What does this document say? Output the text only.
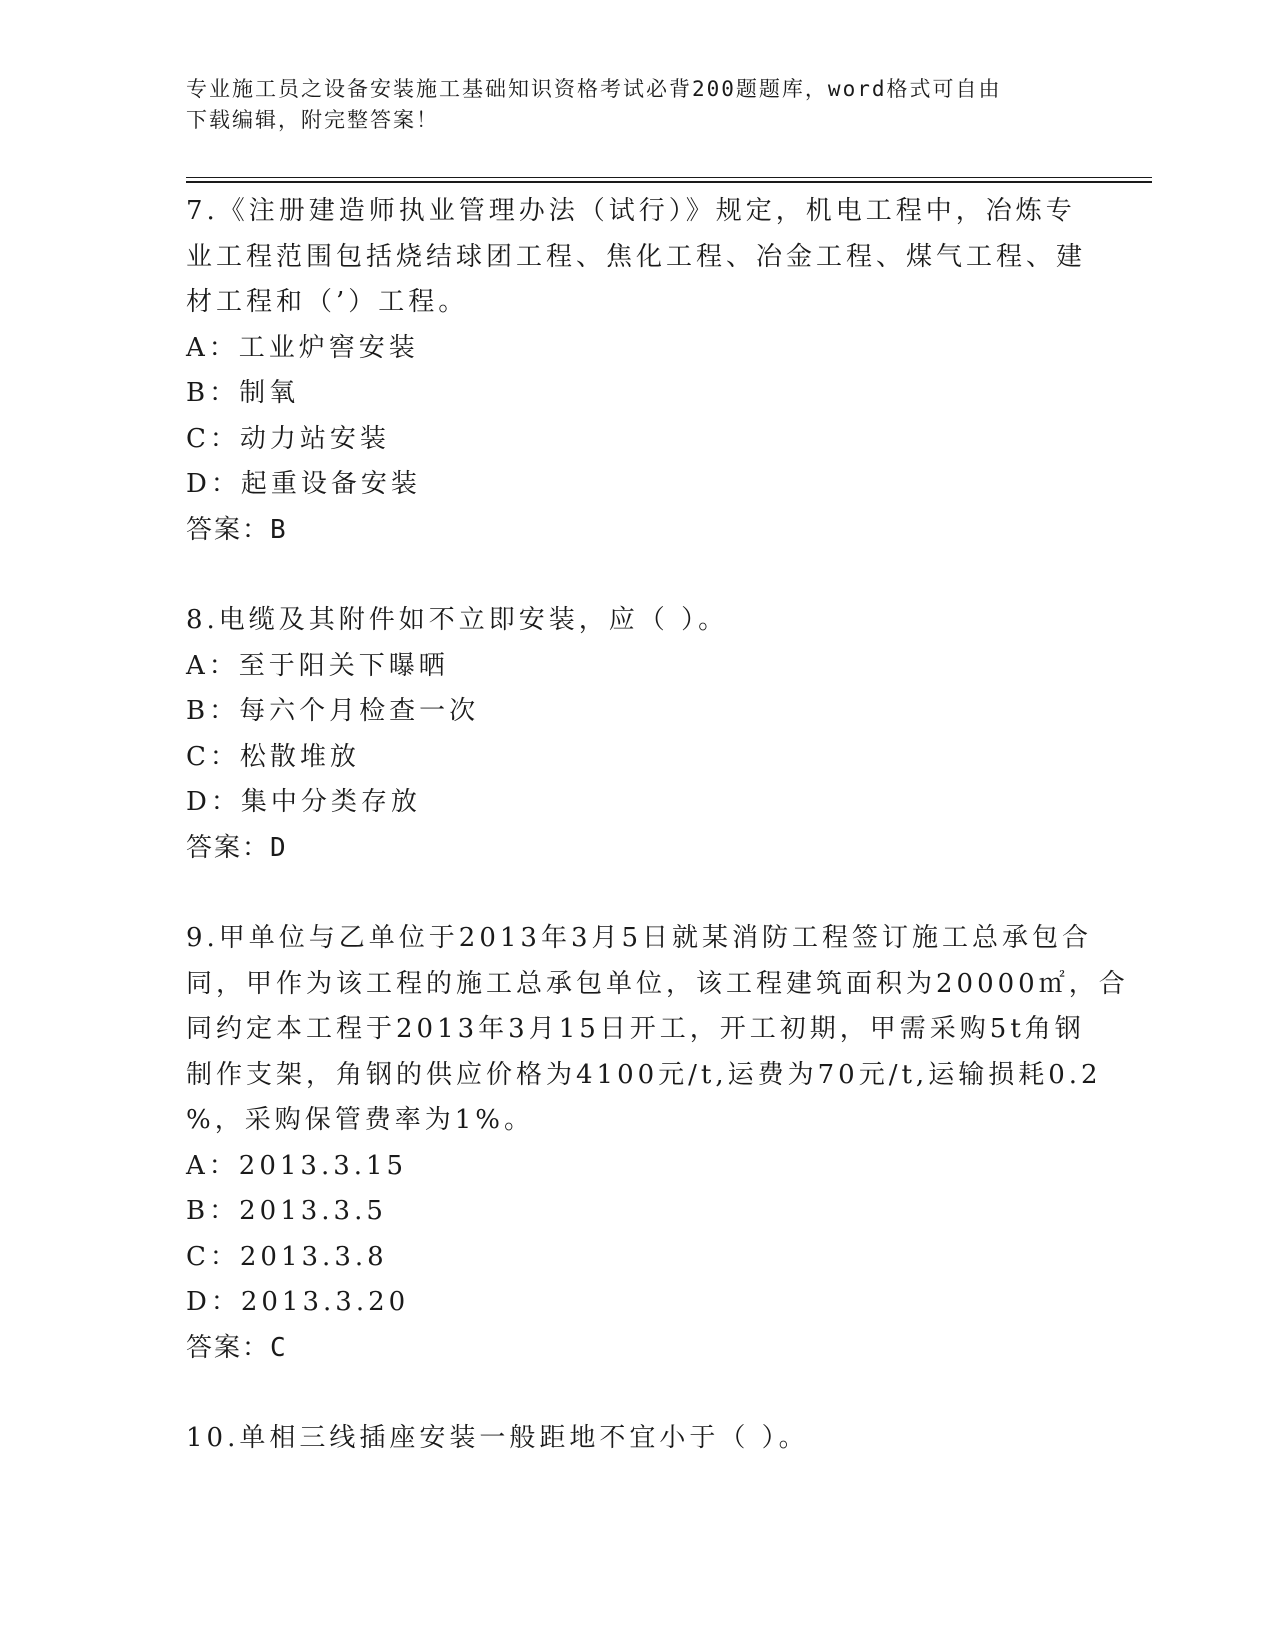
专业施工员之设备安装施工基础知识资格考试必背200题题库，word格式可自由
下载编辑，附完整答案！
7.《注册建造师执业管理办法（试行）》规定，机电工程中，冶炼专
业工程范围包括烧结球团工程、焦化工程、冶金工程、煤气工程、建
材工程和（’）工程。
A：工业炉窖安装
B：制氧
C：动力站安装
D：起重设备安装
答案：B
8.电缆及其附件如不立即安装，应（ ）。
A：至于阳关下曝晒
B：每六个月检查一次
C：松散堆放
D：集中分类存放
答案：D
9.甲单位与乙单位于2013年3月5日就某消防工程签订施工总承包合
同，甲作为该工程的施工总承包单位，该工程建筑面积为20000㎡，合
同约定本工程于2013年3月15日开工，开工初期，甲需采购5t角钢
制作支架，角钢的供应价格为4100元/t,运费为70元/t,运输损耗0.2
%，采购保管费率为1%。
A：2013.3.15
B：2013.3.5
C：2013.3.8
D：2013.3.20
答案：C
10.单相三线插座安装一般距地不宜小于（ ）。
